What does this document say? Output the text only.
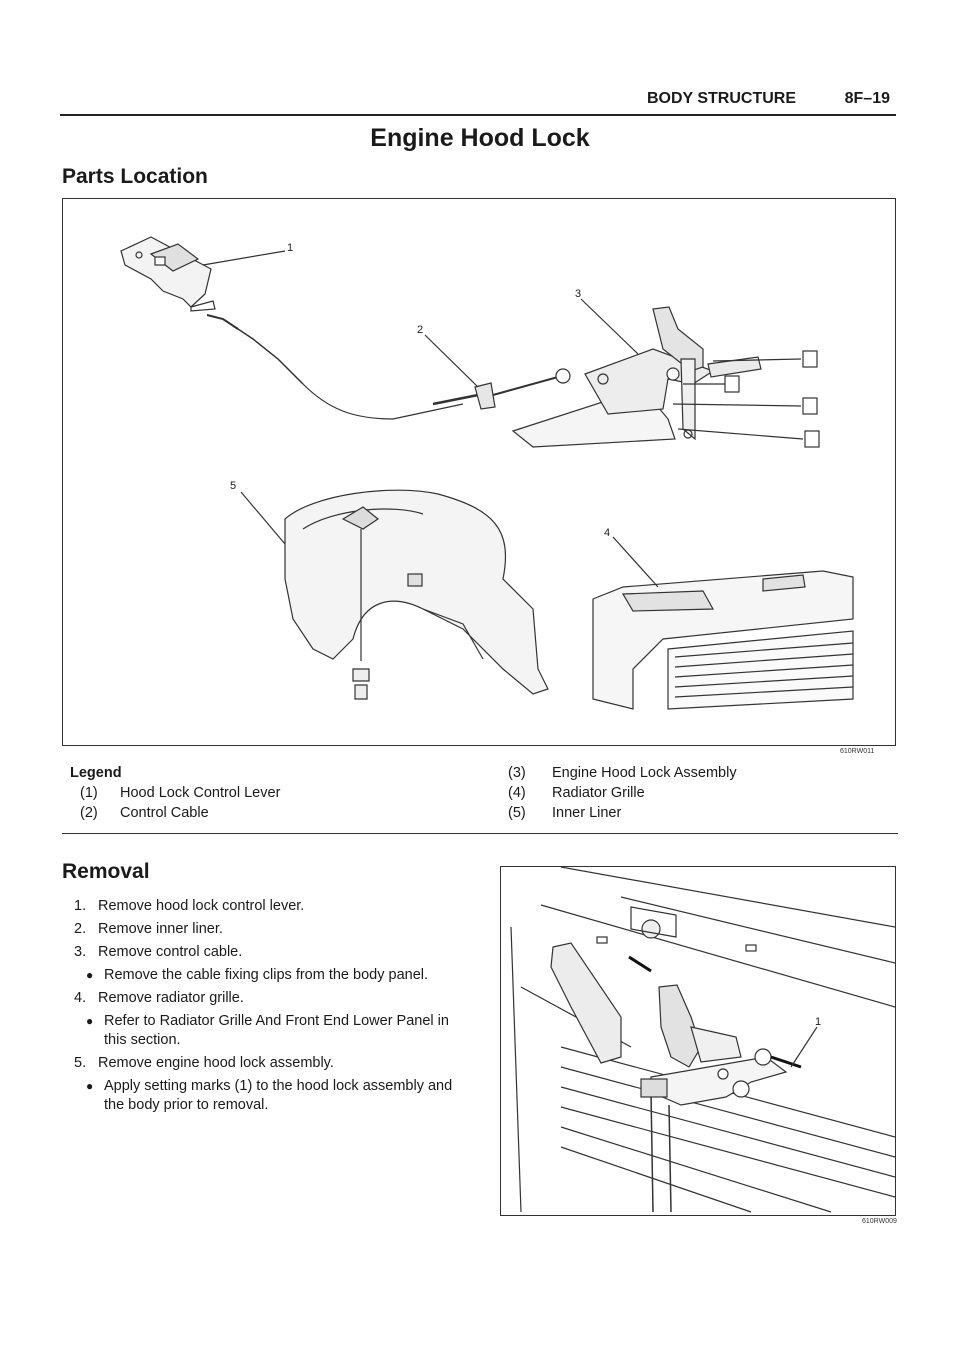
BODY STRUCTURE	8F–19
Engine Hood Lock
Parts Location
1
2
3
4
5
610RW011
Legend
(1) Hood Lock Control Lever
(2) Control Cable
(3) Engine Hood Lock Assembly
(4) Radiator Grille
(5) Inner Liner
Removal
1. Remove hood lock control lever.
2. Remove inner liner.
3. Remove control cable.
● Remove the cable fixing clips from the body panel.
4. Remove radiator grille.
● Refer to Radiator Grille And Front End Lower Panel in this section.
5. Remove engine hood lock assembly.
● Apply setting marks (1) to the hood lock assembly and the body prior to removal.
1
610RW009
